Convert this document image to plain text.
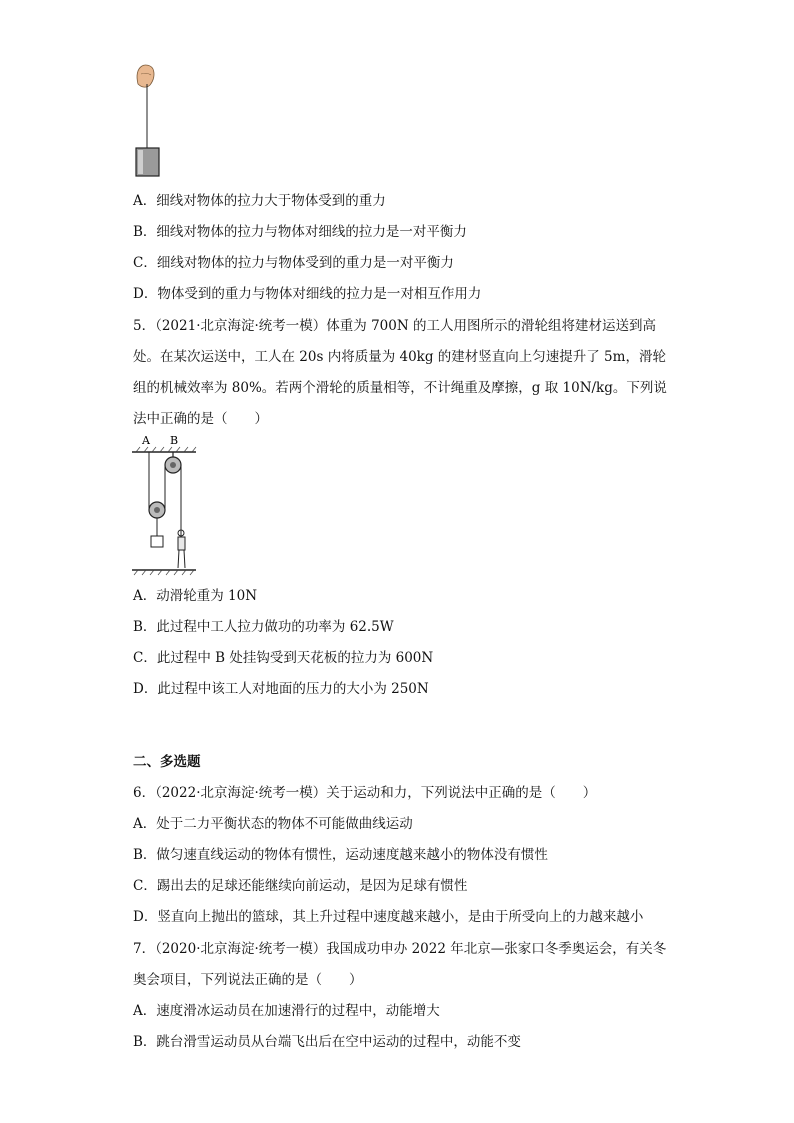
A．细线对物体的拉力大于物体受到的重力
B．细线对物体的拉力与物体对细线的拉力是一对平衡力
C．细线对物体的拉力与物体受到的重力是一对平衡力
D．物体受到的重力与物体对细线的拉力是一对相互作用力
5．（2021·北京海淀·统考一模）体重为 700N 的工人用图所示的滑轮组将建材运送到高
处。在某次运送中，工人在 20s 内将质量为 40kg 的建材竖直向上匀速提升了 5m，滑轮
组的机械效率为 80%。若两个滑轮的质量相等，不计绳重及摩擦，g 取 10N/kg。下列说
法中正确的是（　　）
A B
A．动滑轮重为 10N
B．此过程中工人拉力做功的功率为 62.5W
C．此过程中 B 处挂钩受到天花板的拉力为 600N
D．此过程中该工人对地面的压力的大小为 250N
二、多选题
6．（2022·北京海淀·统考一模）关于运动和力，下列说法中正确的是（　　）
A．处于二力平衡状态的物体不可能做曲线运动
B．做匀速直线运动的物体有惯性，运动速度越来越小的物体没有惯性
C．踢出去的足球还能继续向前运动，是因为足球有惯性
D．竖直向上抛出的篮球，其上升过程中速度越来越小，是由于所受向上的力越来越小
7．（2020·北京海淀·统考一模）我国成功申办 2022 年北京—张家口冬季奥运会，有关冬
奥会项目，下列说法正确的是（　　）
A．速度滑冰运动员在加速滑行的过程中，动能增大
B．跳台滑雪运动员从台端飞出后在空中运动的过程中，动能不变
